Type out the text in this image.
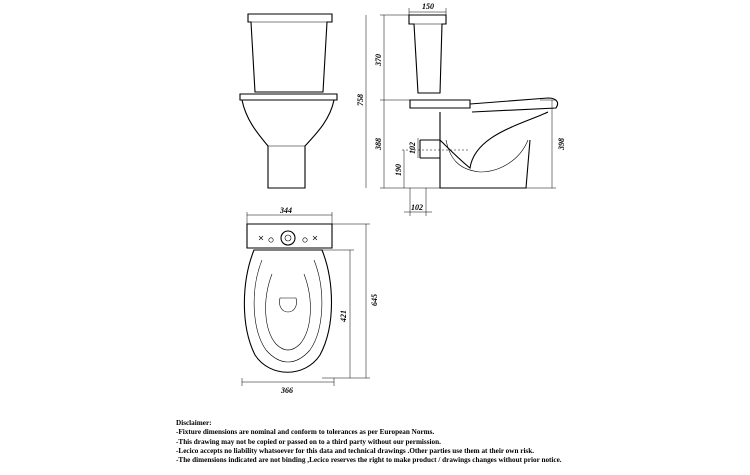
150
370
758
388
190
102
102
398
344
645
421
366
Disclaimer:
-Fixture dimensions are nominal and conform to tolerances as per European Norms.
-This drawing may not be copied or passed on to a third party without our permission.
-Lecico accepts no liability whatsoever for this data and technical drawings .Other parties use them at their own risk.
-The dimensions indicated are not binding ,Lecico reserves the right to make product / drawings changes without prior notice.
